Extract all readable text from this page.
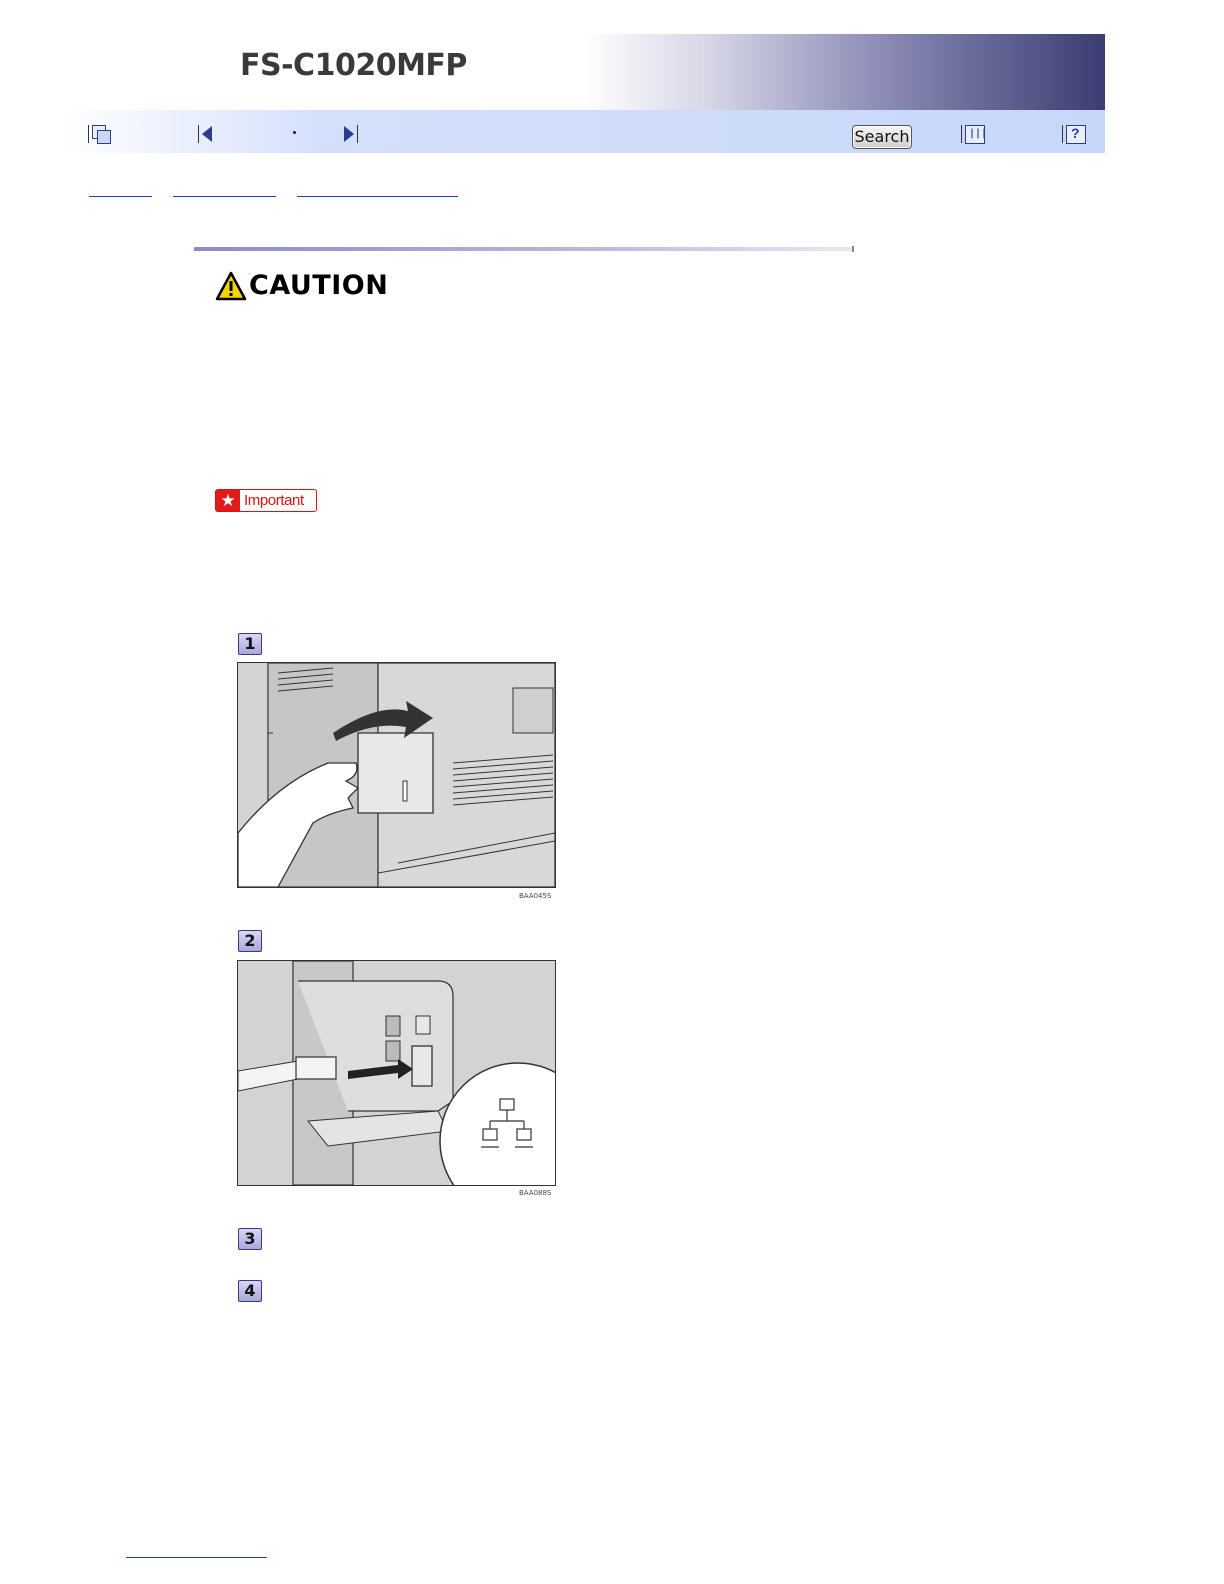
FS-C1020MFP
Search	|||	?
CAUTION
★ Important
1
BAA045S
2
BAA088S
3
4
